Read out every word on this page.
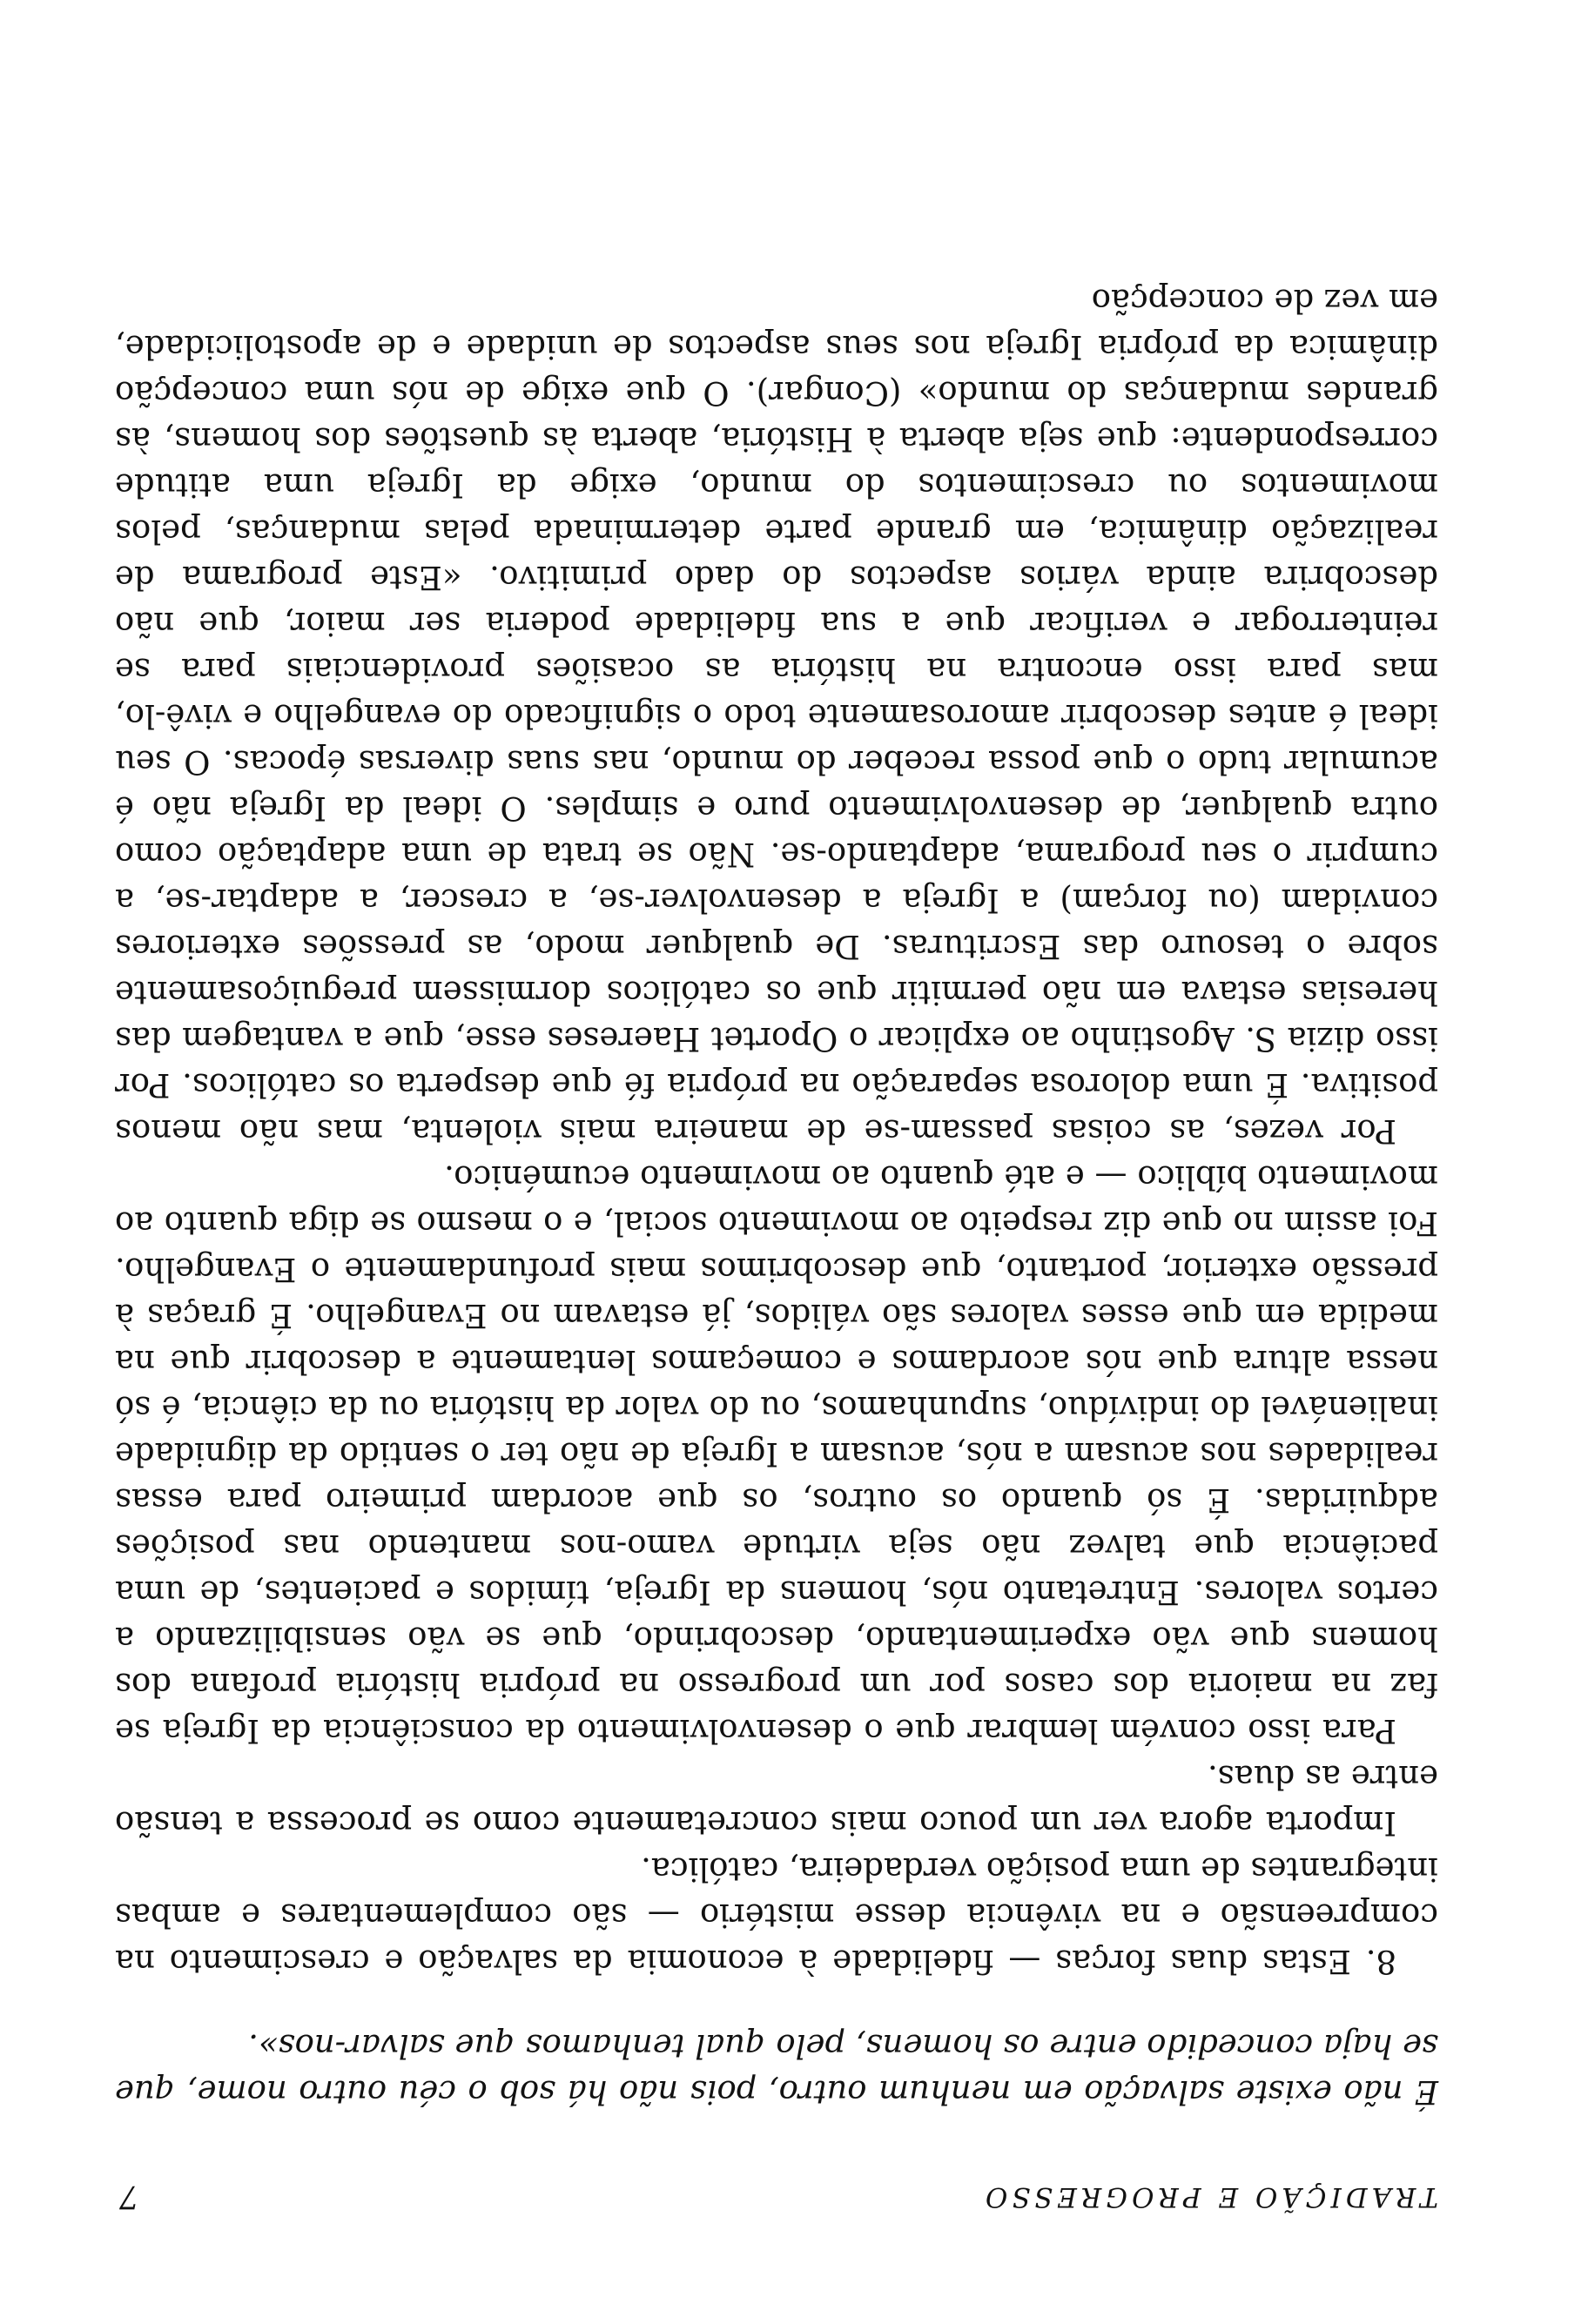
TRADIÇÃO E PROGRESSO
7

É não existe salvação em nenhum outro, pois não há sob o céu outro nome, que se haja concedido entre os homens, pelo qual tenhamos que salvar-nos».

8. Estas duas forças — fidelidade à economia da salvação e crescimento na compreensão e na vivência desse mistério — são complementares e ambas integrantes de uma posição verdadeira, católica.

Importa agora ver um pouco mais concretamente como se processa a tensão entre as duas.

Para isso convém lembrar que o desenvolvimento da consciência da Igreja se faz na maioria dos casos por um progresso na própria história profana dos homens que vão experimentando, descobrindo, que se vão sensibilizando a certos valores. Entretanto nós, homens da Igreja, tímidos e pacientes, de uma paciência que talvez não seja virtude vamo-nos mantendo nas posições adquiridas. É só quando os outros, os que acordam primeiro para essas realidades nos acusam a nós, acusam a Igreja de não ter o sentido da dignidade inalienável do indivíduo, supunhamos, ou do valor da história ou da ciência, é só nessa altura que nós acordamos e começamos lentamente a descobrir que na medida em que esses valores são válidos, já estavam no Evangelho. É graças à pressão exterior, portanto, que descobrimos mais profundamente o Evangelho. Foi assim no que diz respeito ao movimento social, e o mesmo se diga quanto ao movimento bíblico — e até quanto ao movimento ecuménico.

Por vezes, as coisas passam-se de maneira mais violenta, mas não menos positiva. É uma dolorosa separação na própria fé que desperta os católicos. Por isso dizia S. Agostinho ao explicar o Oportet Haereses esse, que a vantagem das heresias estava em não permitir que os católicos dormissem preguiçosamente sobre o tesouro das Escrituras. De qualquer modo, as pressões exteriores convidam (ou forçam) a Igreja a desenvolver-se, a crescer, a adaptar-se, a cumprir o seu programa, adaptando-se. Não se trata de uma adaptação como outra qualquer, de desenvolvimento puro e simples. O ideal da Igreja não é acumular tudo o que possa receber do mundo, nas suas diversas épocas. O seu ideal é antes descobrir amorosamente todo o significado do evangelho e vivê-lo, mas para isso encontra na história as ocasiões providenciais para se reinterrogar e verificar que a sua fidelidade poderia ser maior, que não descobrira ainda vários aspectos do dado primitivo. «Este programa de realização dinâmica, em grande parte determinada pelas mudanças, pelos movimentos ou crescimentos do mundo, exige da Igreja uma atitude correspondente: que seja aberta à História, aberta às questões dos homens, às grandes mudanças do mundo» (Congar). O que exige de nós uma concepção dinâmica da própria Igreja nos seus aspectos de unidade e de apostolicidade, em vez de concepção
